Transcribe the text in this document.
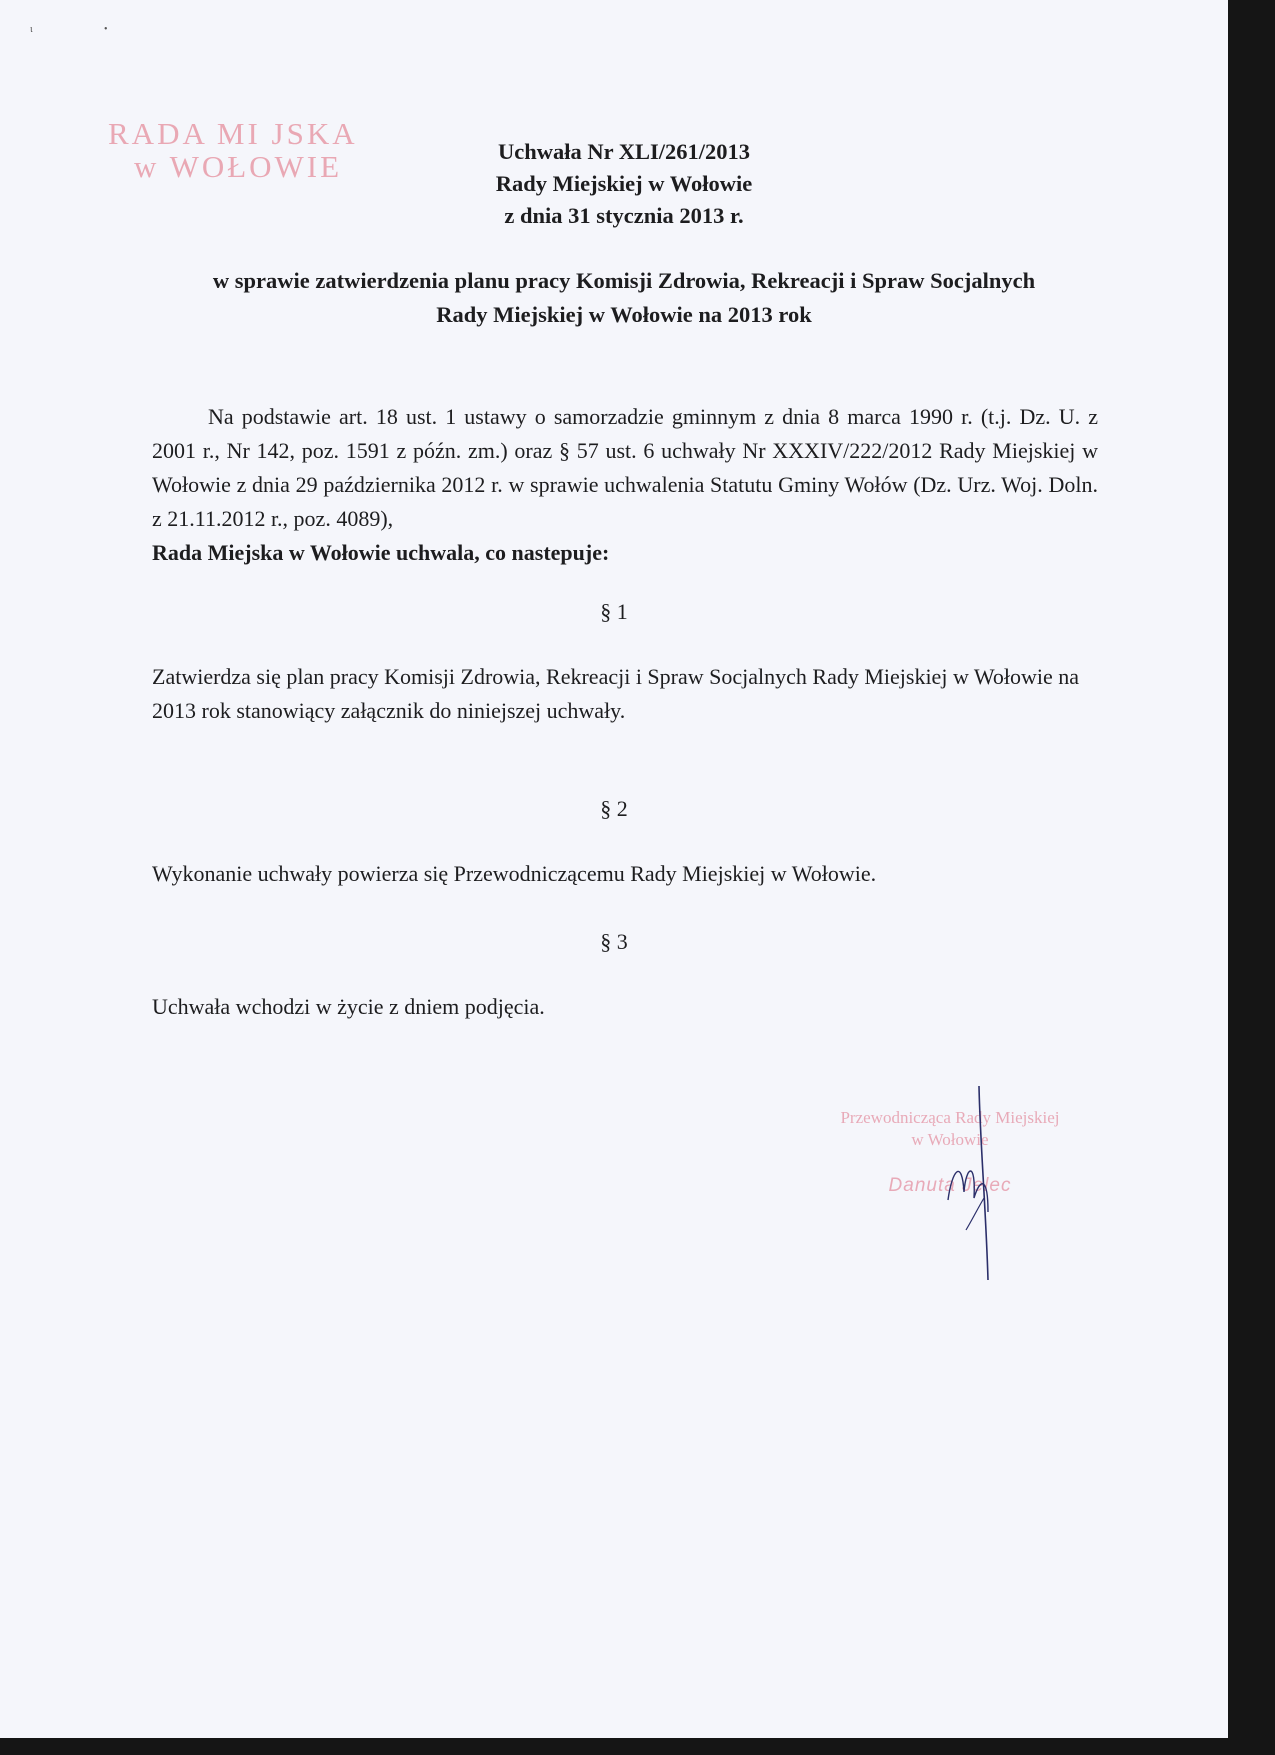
ι	•
RADA MI JSKA
w WOŁOWIE	Uchwała Nr XLI/261/2013
Rady Miejskiej w Wołowie
z dnia 31 stycznia 2013 r.
w sprawie zatwierdzenia planu pracy Komisji Zdrowia, Rekreacji i Spraw Socjalnych
Rady Miejskiej w Wołowie na 2013 rok

Na podstawie art. 18 ust. 1 ustawy o samorzadzie gminnym z dnia 8 marca 1990 r. (t.j. Dz. U. z 2001 r., Nr 142, poz. 1591 z późn. zm.) oraz § 57 ust. 6 uchwały Nr XXXIV/222/2012 Rady Miejskiej w Wołowie z dnia 29 października 2012 r. w sprawie uchwalenia Statutu Gminy Wołów (Dz. Urz. Woj. Doln. z 21.11.2012 r., poz. 4089),

Rada Miejska w Wołowie uchwala, co nastepuje:

§ 1

Zatwierdza się plan pracy Komisji Zdrowia, Rekreacji i Spraw Socjalnych Rady Miejskiej w Wołowie na 2013 rok stanowiący załącznik do niniejszej uchwały.

§ 2

Wykonanie uchwały powierza się Przewodniczącemu Rady Miejskiej w Wołowie.

§ 3

Uchwała wchodzi w życie z dniem podjęcia.

Przewodnicząca Rady Miejskiej
w Wołowie
Danuta Jelec
